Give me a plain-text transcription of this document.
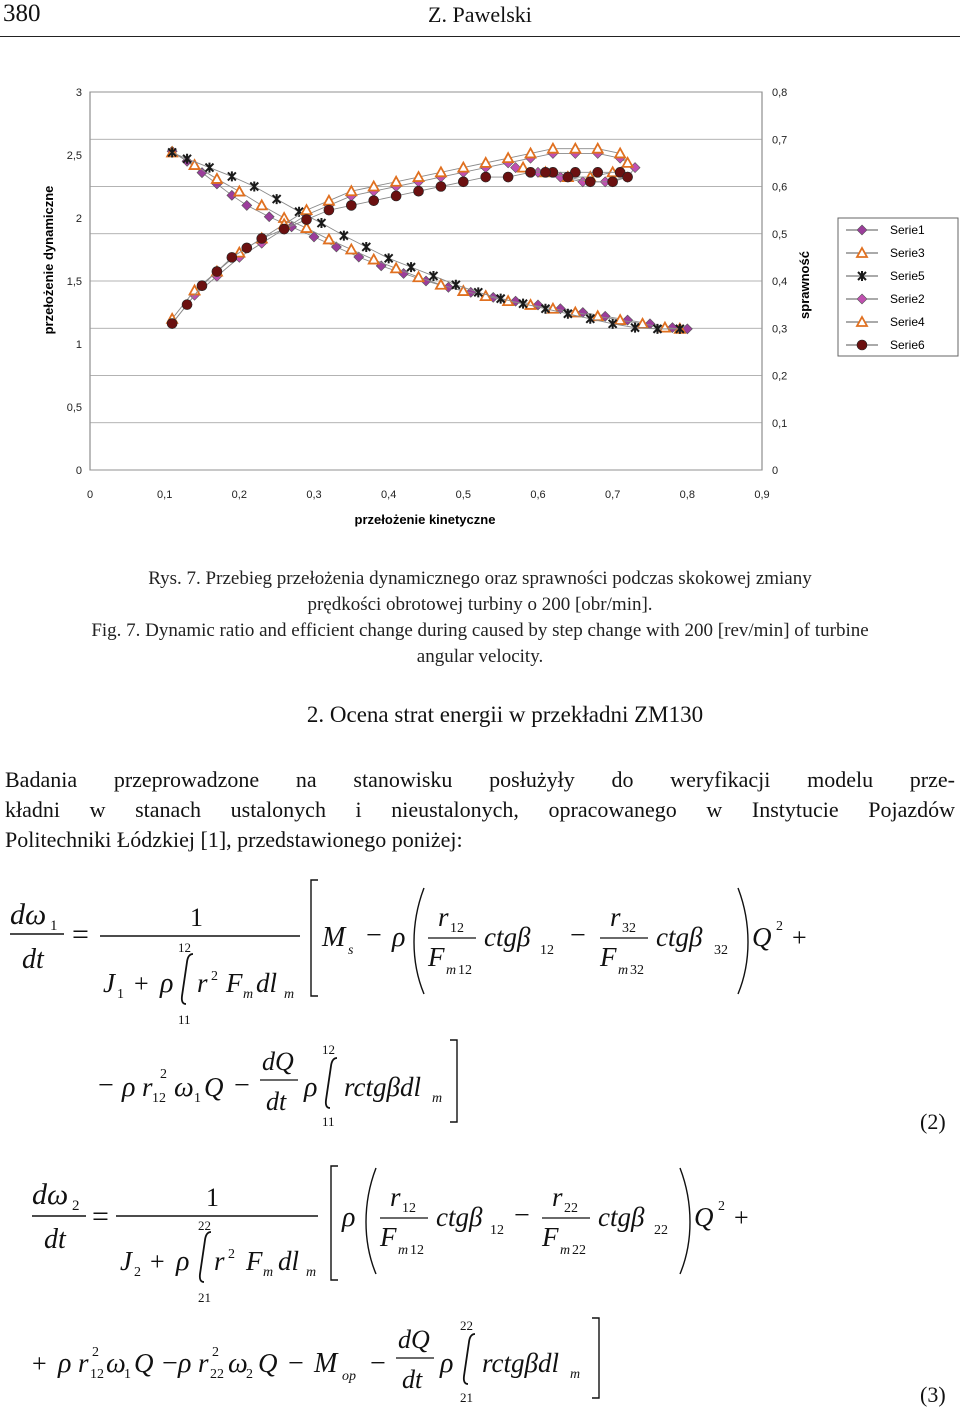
380	Z. Pawelski
0	0,1	0,2	0,3	0,4	0,5	0,6	0,7	0,8	0,9
0
0,5
1
1,5
2
2,5
3
0
0,1
0,2
0,3
0,4
0,5
0,6
0,7
0,8
przełożenie kinetyczne
przełożenie dynamiczne	sprawność
Serie1
Serie3
Serie5
Serie2
Serie4
Serie6
Rys. 7. Przebieg przełożenia dynamicznego oraz sprawności podczas skokowej zmiany
prędkości obrotowej turbiny o 200 [obr/min].
Fig. 7. Dynamic ratio and efficient change during caused by step change with 200 [rev/min] of turbine
angular velocity.
2. Ocena strat energii w przekładni ZM130
Badania przeprowadzone na stanowisku posłużyły do weryfikacji modelu prze-
kładni w stanach ustalonych i nieustalonych, opracowanego w Instytucie Pojazdów
Politechniki Łódzkiej [1], przedstawionego poniżej:
dω 1
dt
=
1
J 1 + ρ
12
11
r 2 F m dl m
M s − ρ
r 12
F m 12
ctgβ 12 −
r 32
F m 32
ctgβ 32 Q 2 +
− ρ r 12
2 ω 1 Q −
dQ
dt ρ
12
11
rctgβdl m
dω 2
dt
=
1
J 2 + ρ
22
21
r 2 F m dl m
ρ
r 12
F m 12
ctgβ 12 −
r 22
F m 22
ctgβ 22 Q 2 +
+ ρ r 12
2 ω
1 Q − ρ r 22
2 ω
2 Q − M op −
dQ
dt
ρ
22
21
rctgβdl m
(2)
(3)
